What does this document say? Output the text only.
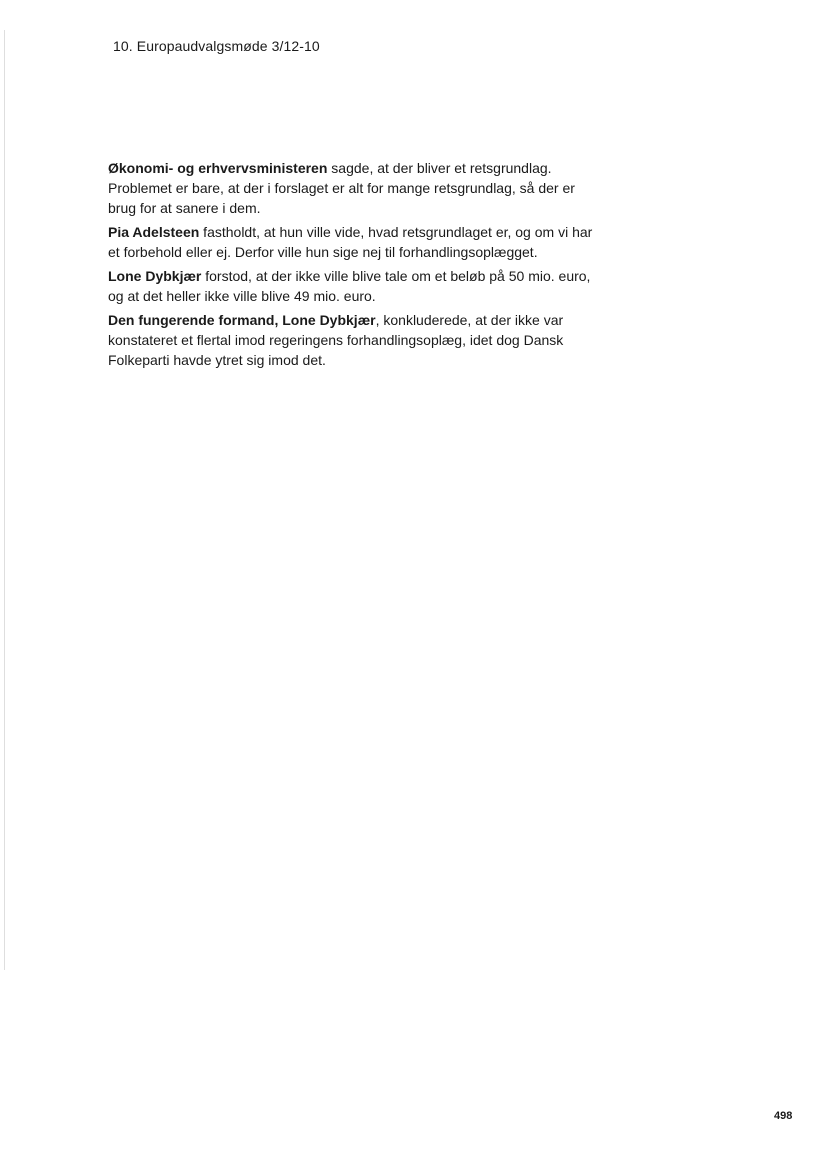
10. Europaudvalgsmøde 3/12-10

Økonomi- og erhvervsministeren sagde, at der bliver et retsgrundlag. Problemet er bare, at der i forslaget er alt for mange retsgrundlag, så der er brug for at sanere i dem.

Pia Adelsteen fastholdt, at hun ville vide, hvad retsgrundlaget er, og om vi har et forbehold eller ej. Derfor ville hun sige nej til forhandlingsoplægget.

Lone Dybkjær forstod, at der ikke ville blive tale om et beløb på 50 mio. euro, og at det heller ikke ville blive 49 mio. euro.

Den fungerende formand, Lone Dybkjær, konkluderede, at der ikke var konstateret et flertal imod regeringens forhandlingsoplæg, idet dog Dansk Folkeparti havde ytret sig imod det.

498
